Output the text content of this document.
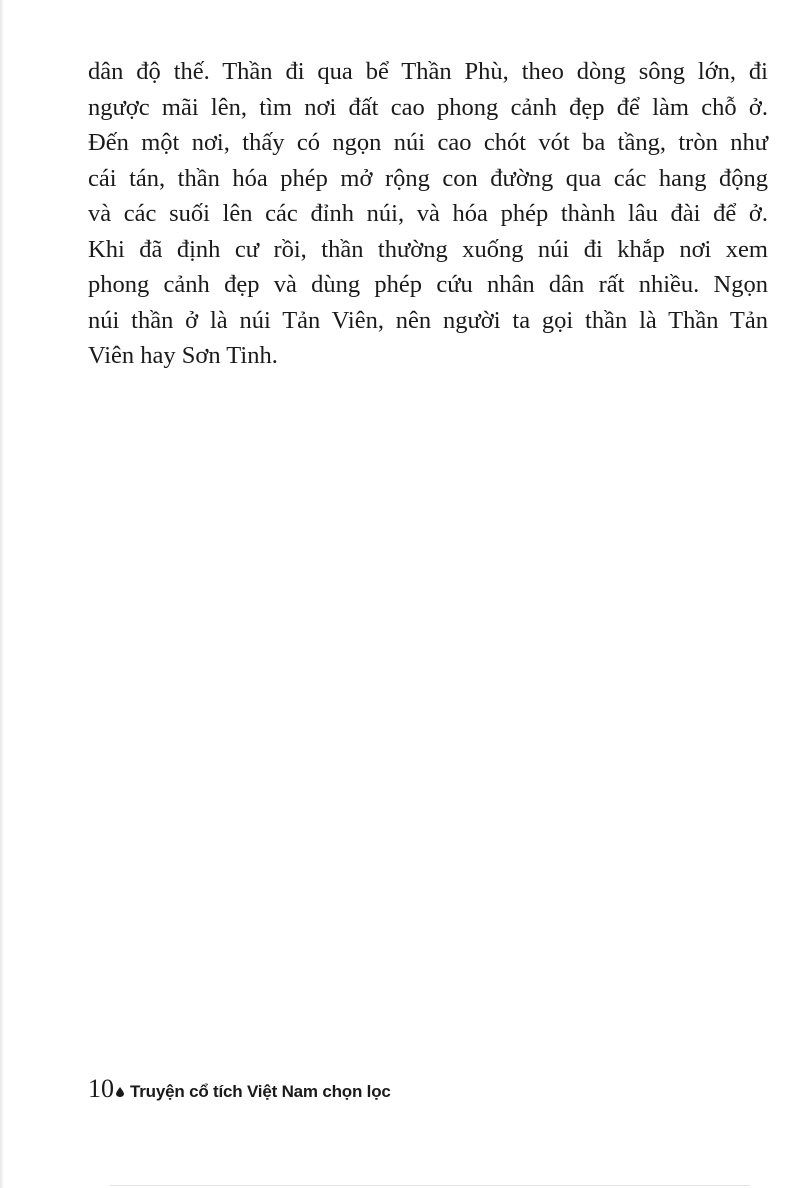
dân độ thế. Thần đi qua bể Thần Phù, theo dòng sông lớn, đi
ngược mãi lên, tìm nơi đất cao phong cảnh đẹp để làm chỗ ở.
Đến một nơi, thấy có ngọn núi cao chót vót ba tầng, tròn như
cái tán, thần hóa phép mở rộng con đường qua các hang động
và các suối lên các đỉnh núi, và hóa phép thành lâu đài để ở.
Khi đã định cư rồi, thần thường xuống núi đi khắp nơi xem
phong cảnh đẹp và dùng phép cứu nhân dân rất nhiều. Ngọn
núi thần ở là núi Tản Viên, nên người ta gọi thần là Thần Tản
Viên hay Sơn Tinh.
10 Truyện cổ tích Việt Nam chọn lọc
